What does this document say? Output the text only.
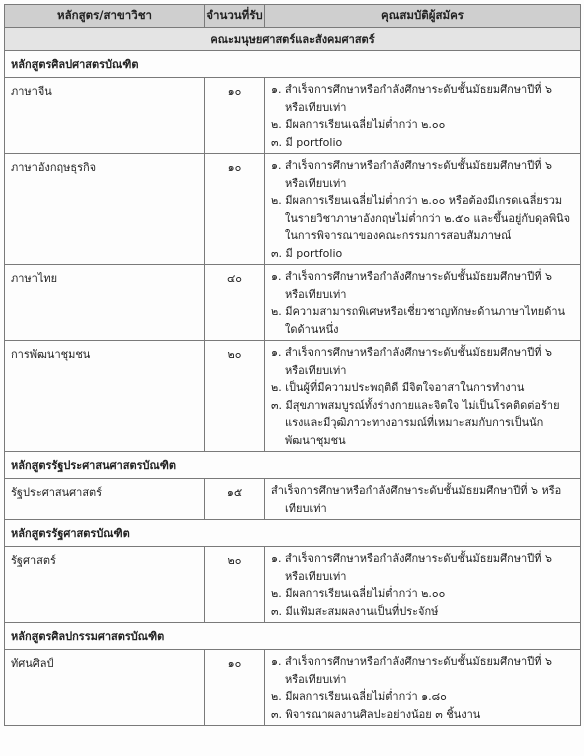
หลักสูตร/สาขาวิชา	จำนวนที่รับ	คุณสมบัติผู้สมัคร
คณะมนุษยศาสตร์และสังคมศาสตร์		
หลักสูตรศิลปศาสตรบัณฑิต		
ภาษาจีน	๑๐	๑. สำเร็จการศึกษาหรือกำลังศึกษาระดับชั้นมัธยมศึกษาปีที่ ๖ หรือเทียบเท่า
๒. มีผลการเรียนเฉลี่ยไม่ต่ำกว่า ๒.๐๐
๓. มี portfolio

ภาษาอังกฤษธุรกิจ	๑๐	๑. สำเร็จการศึกษาหรือกำลังศึกษาระดับชั้นมัธยมศึกษาปีที่ ๖ หรือเทียบเท่า
๒. มีผลการเรียนเฉลี่ยไม่ต่ำกว่า ๒.๐๐ หรือต้องมีเกรดเฉลี่ยรวมในรายวิชาภาษาอังกฤษไม่ต่ำกว่า ๒.๕๐ และขึ้นอยู่กับดุลพินิจในการพิจารณาของคณะกรรมการสอบสัมภาษณ์
๓. มี portfolio

ภาษาไทย	๔๐	๑. สำเร็จการศึกษาหรือกำลังศึกษาระดับชั้นมัธยมศึกษาปีที่ ๖ หรือเทียบเท่า
๒. มีความสามารถพิเศษหรือเชี่ยวชาญทักษะด้านภาษาไทยด้านใดด้านหนึ่ง

การพัฒนาชุมชน	๒๐	๑. สำเร็จการศึกษาหรือกำลังศึกษาระดับชั้นมัธยมศึกษาปีที่ ๖ หรือเทียบเท่า
๒. เป็นผู้ที่มีความประพฤติดี มีจิตใจอาสาในการทำงาน
๓. มีสุขภาพสมบูรณ์ทั้งร่างกายและจิตใจ ไม่เป็นโรคติดต่อร้ายแรงและมีวุฒิภาวะทางอารมณ์ที่เหมาะสมกับการเป็นนักพัฒนาชุมชน

หลักสูตรรัฐประศาสนศาสตรบัณฑิต		
รัฐประศาสนศาสตร์	๑๕	สำเร็จการศึกษาหรือกำลังศึกษาระดับชั้นมัธยมศึกษาปีที่ ๖ หรือเทียบเท่า

หลักสูตรรัฐศาสตรบัณฑิต		
รัฐศาสตร์	๒๐	๑. สำเร็จการศึกษาหรือกำลังศึกษาระดับชั้นมัธยมศึกษาปีที่ ๖ หรือเทียบเท่า
๒. มีผลการเรียนเฉลี่ยไม่ต่ำกว่า ๒.๐๐
๓. มีแฟ้มสะสมผลงานเป็นที่ประจักษ์

หลักสูตรศิลปกรรมศาสตรบัณฑิต		
ทัศนศิลป์	๑๐	๑. สำเร็จการศึกษาหรือกำลังศึกษาระดับชั้นมัธยมศึกษาปีที่ ๖ หรือเทียบเท่า
๒. มีผลการเรียนเฉลี่ยไม่ต่ำกว่า ๑.๘๐
๓. พิจารณาผลงานศิลปะอย่างน้อย ๓ ชิ้นงาน
